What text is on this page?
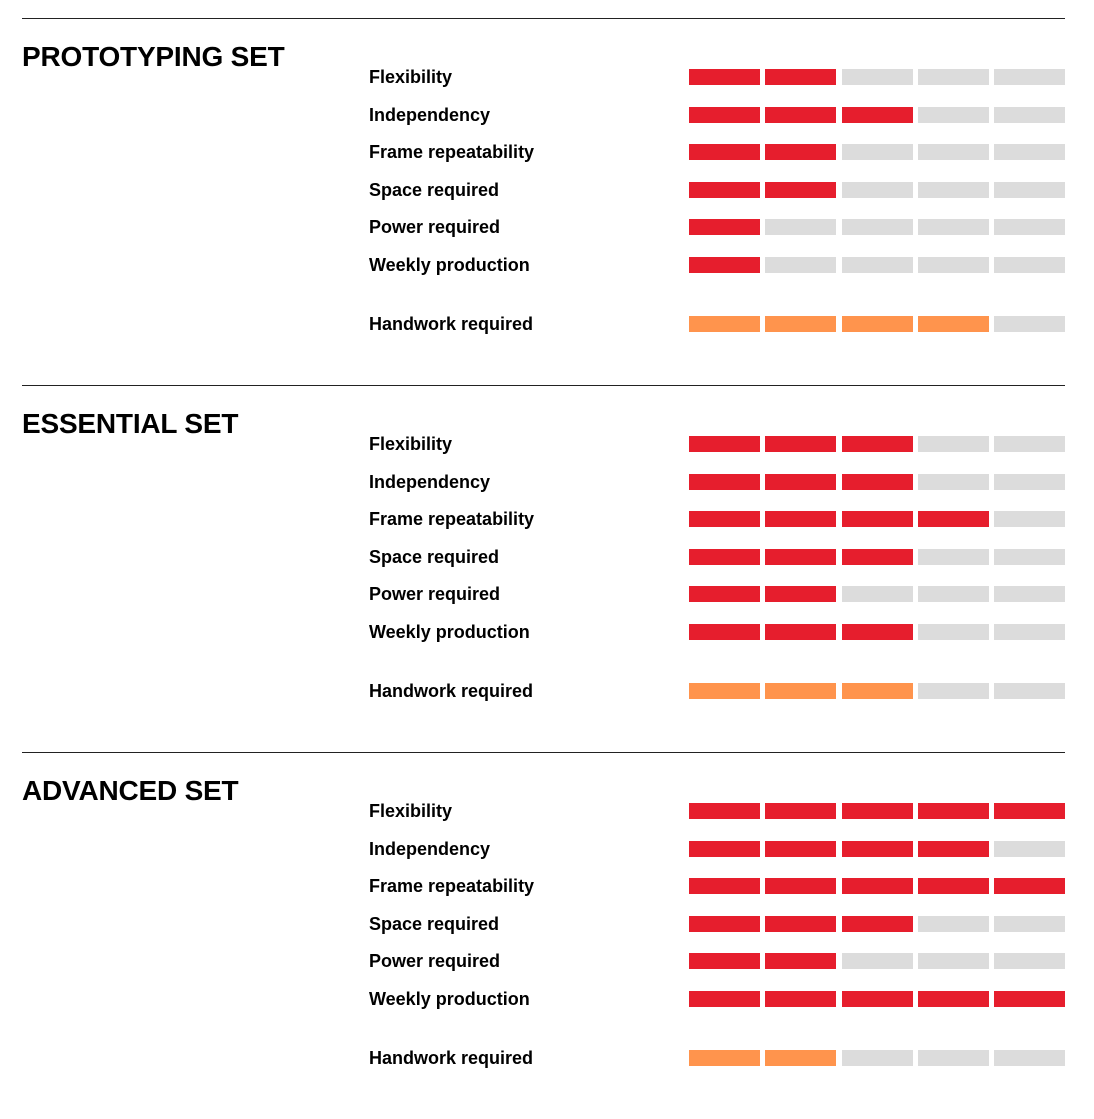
PROTOTYPING SET
Flexibility
Independency
Frame repeatability
Space required
Power required
Weekly production
Handwork required
ESSENTIAL SET
Flexibility
Independency
Frame repeatability
Space required
Power required
Weekly production
Handwork required
ADVANCED SET
Flexibility
Independency
Frame repeatability
Space required
Power required
Weekly production
Handwork required
